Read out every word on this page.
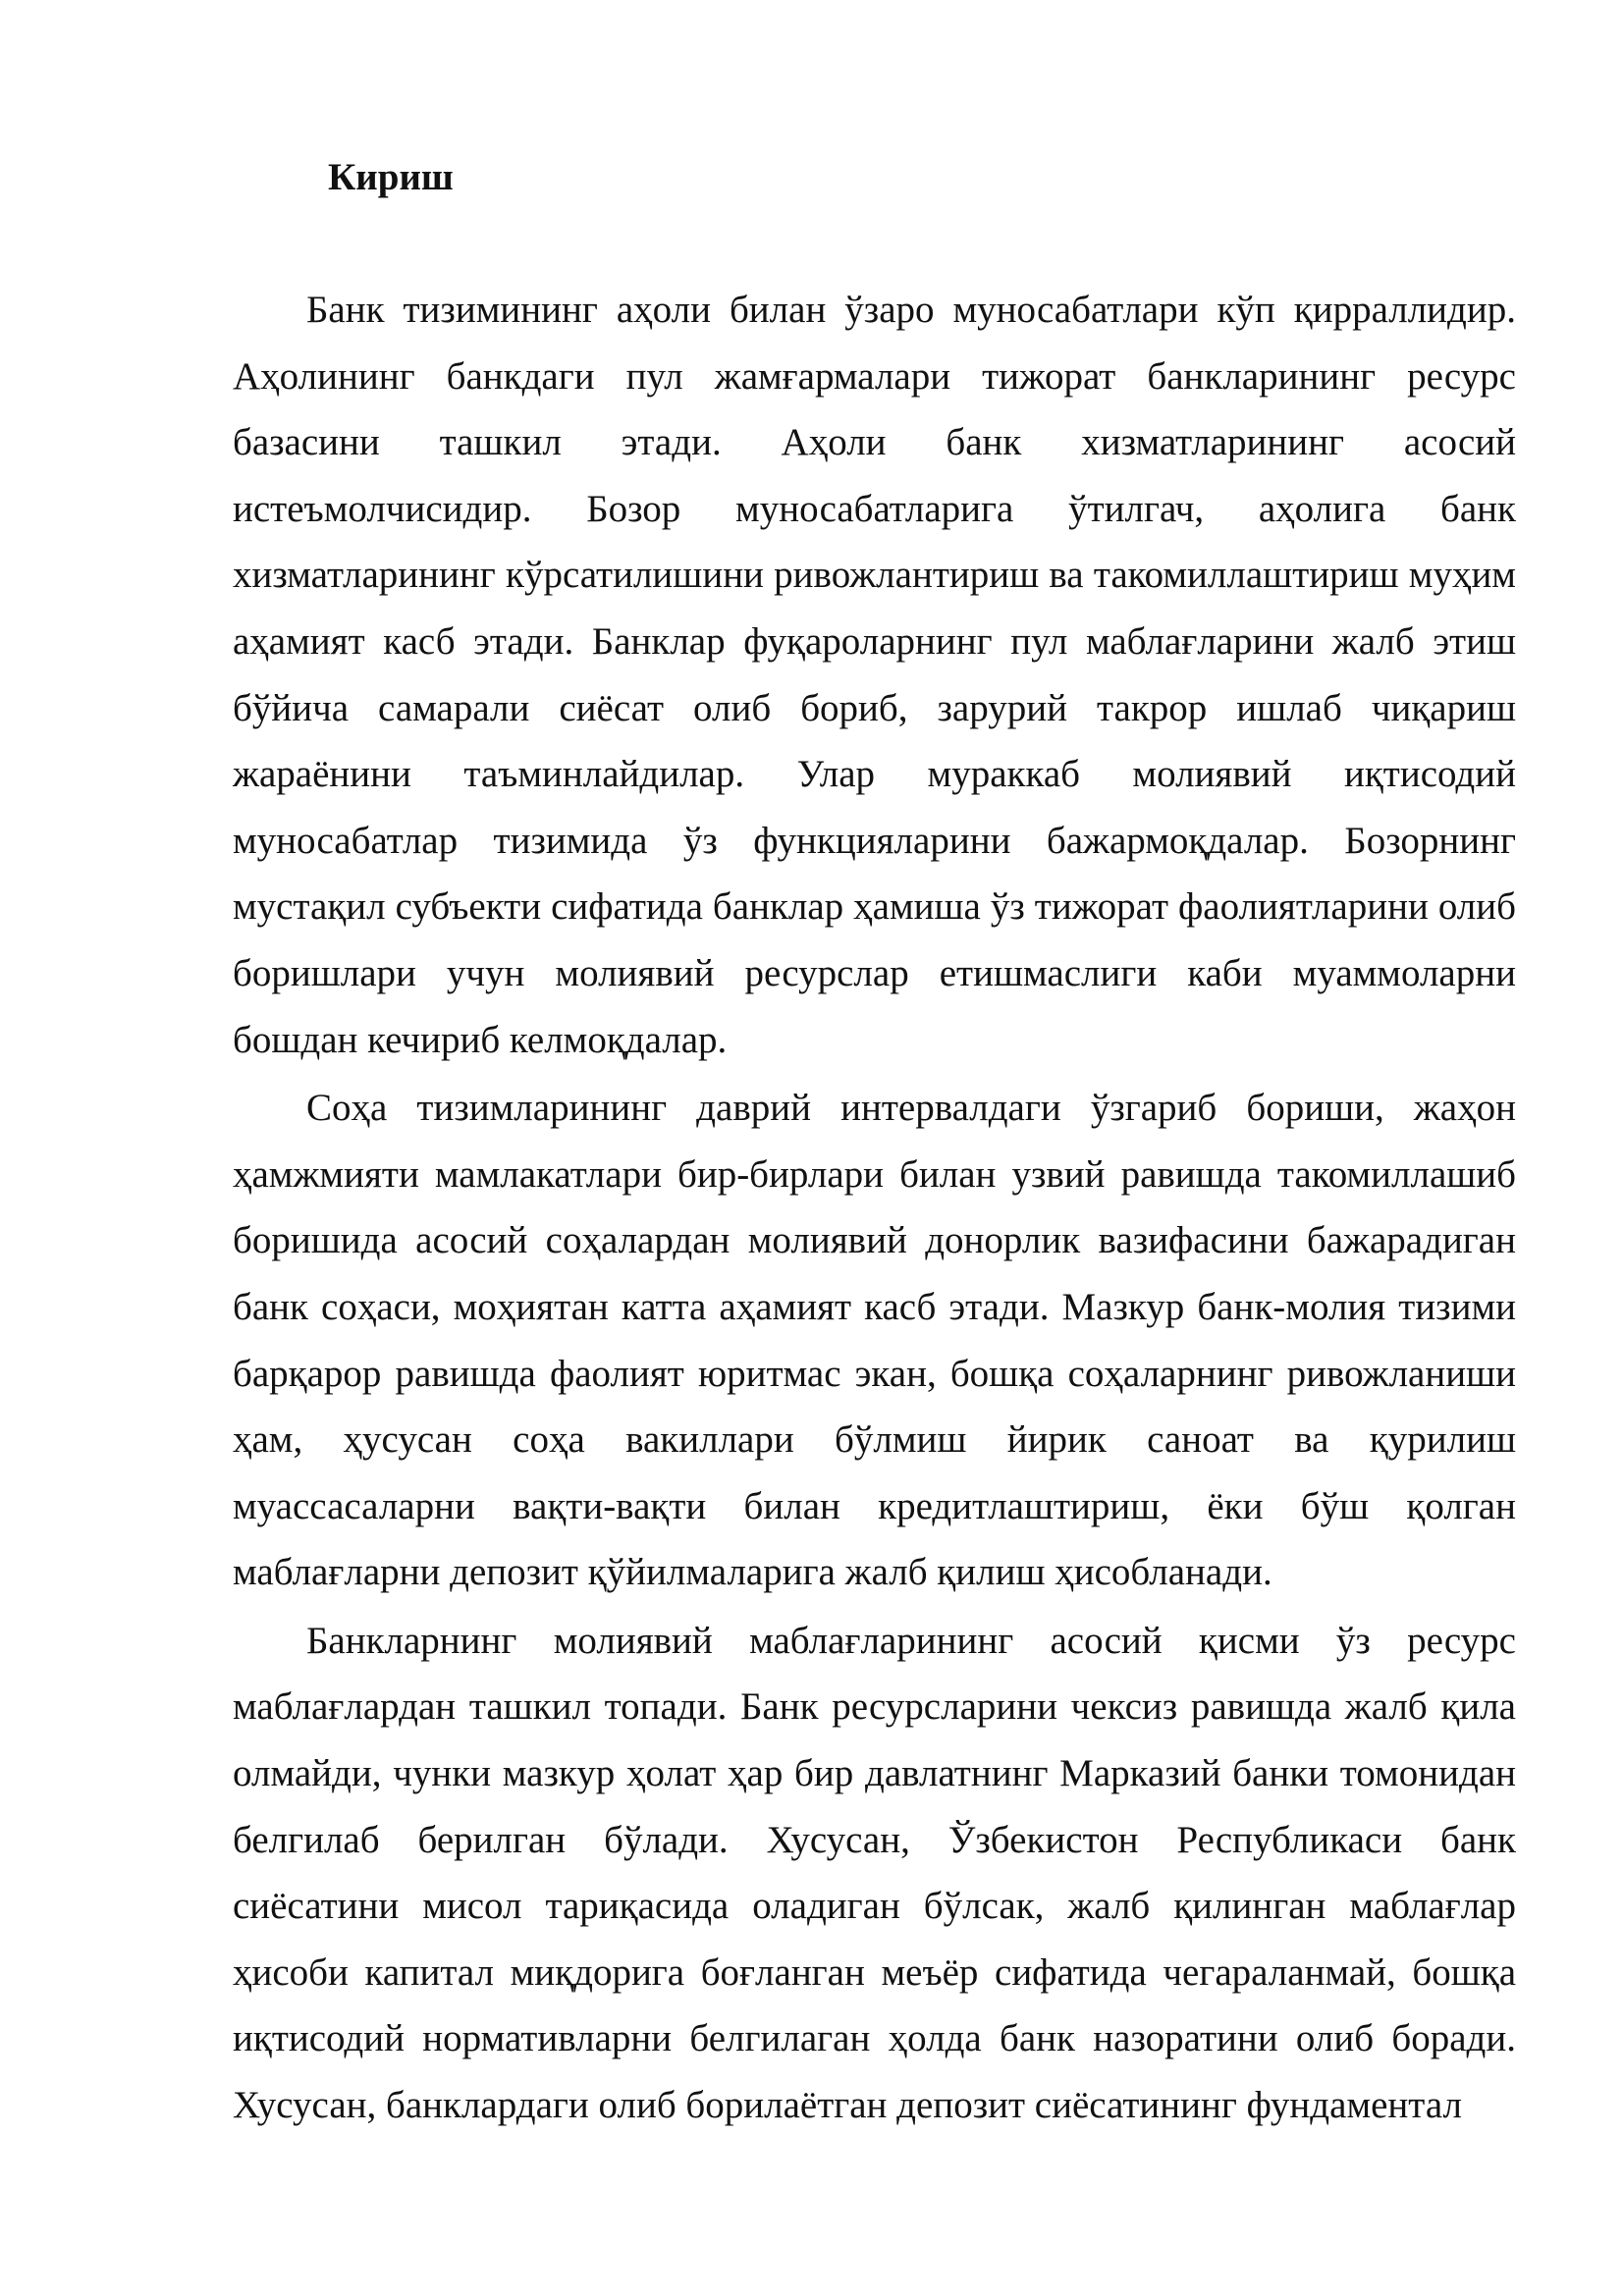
Кириш

Банк тизимининг аҳоли билан ўзаро муносабатлари кўп қирраллидир. Аҳолининг банкдаги пул жамғармалари тижорат банкларининг ресурс базасини ташкил этади. Аҳоли банк хизматларининг асосий истеъмолчисидир. Бозор муносабатларига ўтилгач, аҳолига банк хизматларининг кўрсатилишини ривожлантириш ва такомиллаштириш муҳим аҳамият касб этади. Банклар фуқароларнинг пул маблағларини жалб этиш бўйича самарали сиёсат олиб бориб, зарурий такрор ишлаб чиқариш жараёнини таъминлайдилар. Улар мураккаб молиявий иқтисодий муносабатлар тизимида ўз функцияларини бажармоқдалар. Бозорнинг мустақил субъекти сифатида банклар ҳамиша ўз тижорат фаолиятларини олиб боришлари учун молиявий ресурслар етишмаслиги каби муаммоларни бошдан кечириб келмоқдалар.

Соҳа тизимларининг даврий интервалдаги ўзгариб бориши, жаҳон ҳамжмияти мамлакатлари бир-бирлари билан узвий равишда такомиллашиб боришида асосий соҳалардан молиявий донорлик вазифасини бажарадиган банк соҳаси, моҳиятан катта аҳамият касб этади. Мазкур банк-молия тизими барқарор равишда фаолият юритмас экан, бошқа соҳаларнинг ривожланиши ҳам, ҳусусан соҳа вакиллари бўлмиш йирик саноат ва қурилиш муассасаларни вақти-вақти билан кредитлаштириш, ёки бўш қолган маблағларни депозит қўйилмаларига жалб қилиш ҳисобланади.

Банкларнинг молиявий маблағларининг асосий қисми ўз ресурс маблағлардан ташкил топади. Банк ресурсларини чексиз равишда жалб қила олмайди, чунки мазкур ҳолат ҳар бир давлатнинг Марказий банки томонидан белгилаб берилган бўлади. Хусусан, Ўзбекистон Республикаси банк сиёсатини мисол тариқасида оладиган бўлсак, жалб қилинган маблағлар ҳисоби капитал миқдорига боғланган меъёр сифатида чегараланмай, бошқа иқтисодий нормативларни белгилаган ҳолда банк назоратини олиб боради. Хусусан, банклардаги олиб борилаётган депозит сиёсатининг фундаментал
